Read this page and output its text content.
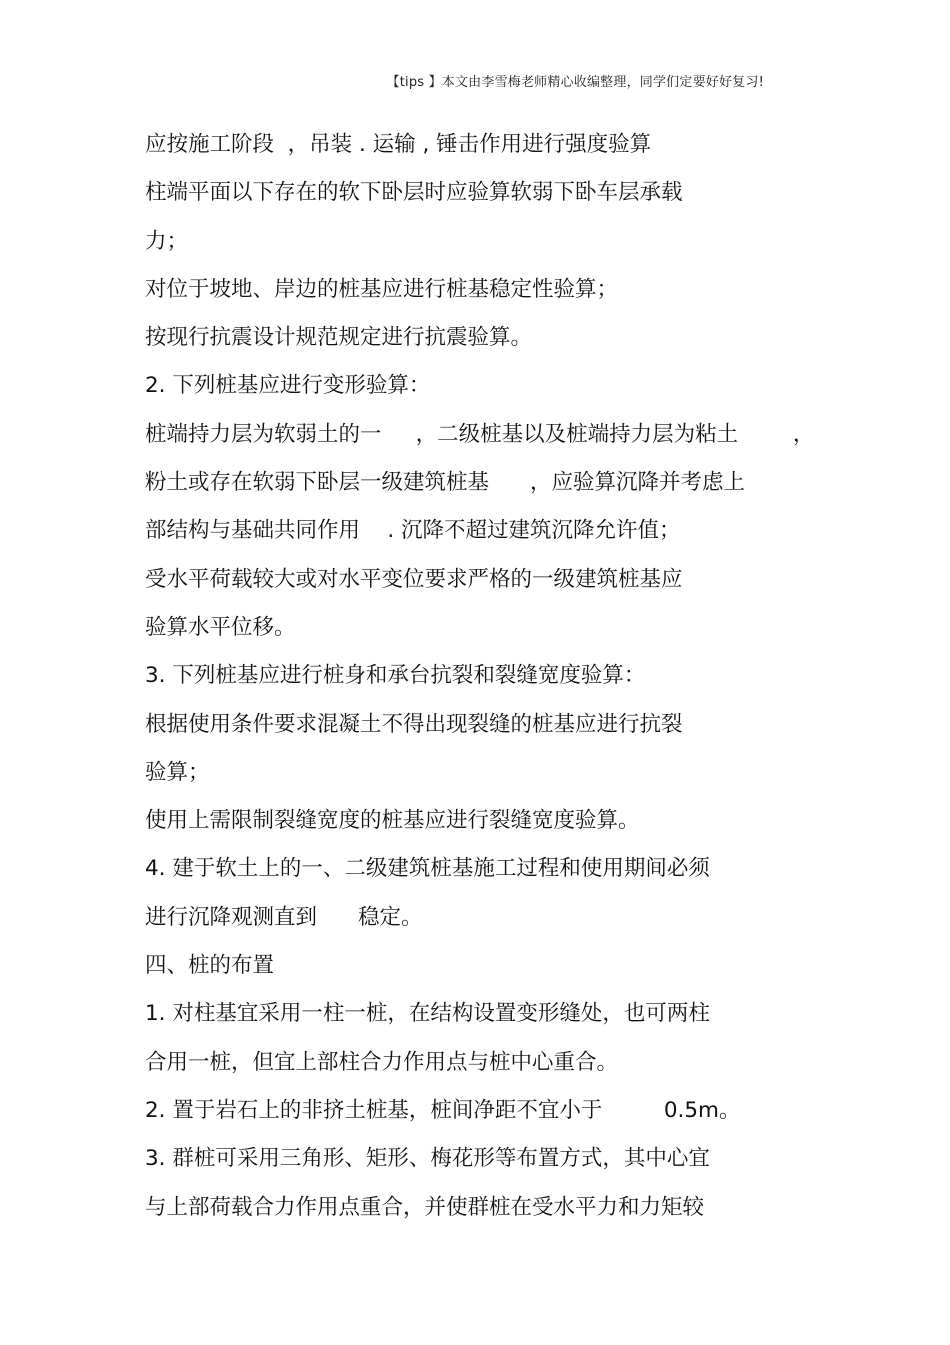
【tips 】本文由李雪梅老师精心收编整理，同学们定要好好复习!
应按施工阶段  ，吊装 . 运输 , 锤击作用进行强度验算
柱端平面以下存在的软下卧层时应验算软弱下卧车层承载
力；
对位于坡地、岸边的桩基应进行桩基稳定性验算；
按现行抗震设计规范规定进行抗震验算。
2. 下列桩基应进行变形验算：
桩端持力层为软弱土的一     ，二级桩基以及桩端持力层为粘土        ，
粉土或存在软弱下卧层一级建筑桩基      ，应验算沉降并考虑上
部结构与基础共同作用    . 沉降不超过建筑沉降允许值；
受水平荷载较大或对水平变位要求严格的一级建筑桩基应
验算水平位移。
3. 下列桩基应进行桩身和承台抗裂和裂缝宽度验算：
根据使用条件要求混凝土不得出现裂缝的桩基应进行抗裂
验算；
使用上需限制裂缝宽度的桩基应进行裂缝宽度验算。
4. 建于软土上的一、二级建筑桩基施工过程和使用期间必须
进行沉降观测直到      稳定。
四、桩的布置
1. 对柱基宜采用一柱一桩，在结构设置变形缝处，也可两柱
合用一桩，但宜上部柱合力作用点与桩中心重合。
2. 置于岩石上的非挤土桩基，桩间净距不宜小于         0.5m。
3. 群桩可采用三角形、矩形、梅花形等布置方式，其中心宜
与上部荷载合力作用点重合，并使群桩在受水平力和力矩较
